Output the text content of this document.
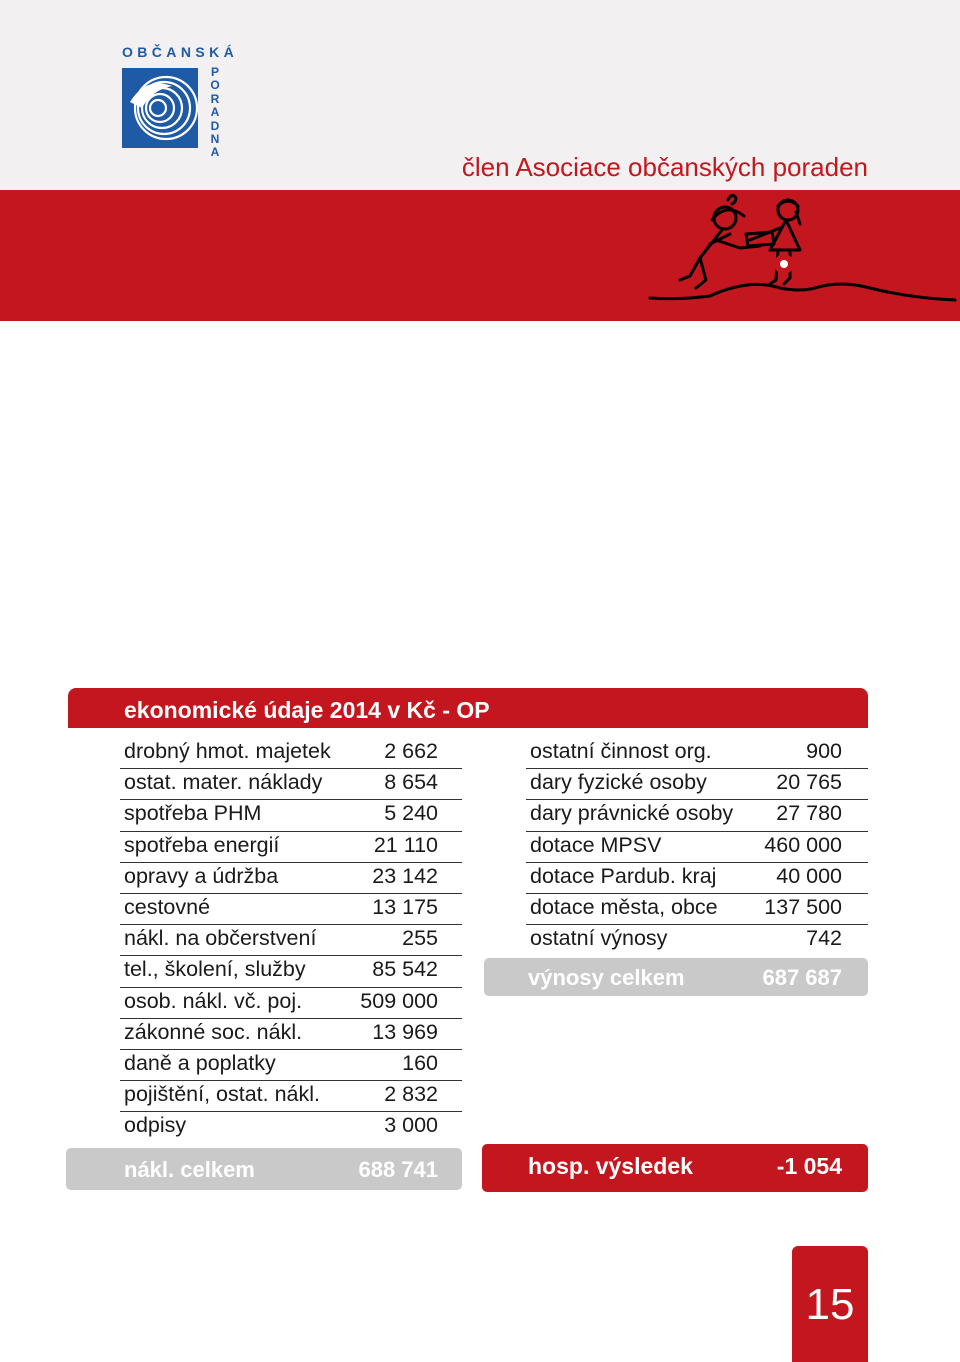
OBČANSKÁ
PORADNA	člen Asociace občanských poraden
ekonomické údaje 2014 v Kč - OP
drobný hmot. majetek 2 662
ostat. mater. náklady	8 654
spotřeba PHM	5 240
spotřeba energií	21 110
opravy a údržba	23 142
cestovné	13 175
nákl. na občerstvení	255
tel., školení, služby	85 542
osob. nákl. vč. poj.	509 000
zákonné soc. nákl.	13 969
daně a poplatky	160
pojištění, ostat. nákl.	2 832
odpisy	3 000
ostatní činnost org.	900
dary fyzické osoby	20 765
dary právnické osoby 27 780
dotace MPSV	460 000
dotace Pardub. kraj	40 000
dotace města, obce 137 500
ostatní výnosy	742
výnosy celkem	687 687
nákl. celkem	688 741	hosp. výsledek	-1 054
15
